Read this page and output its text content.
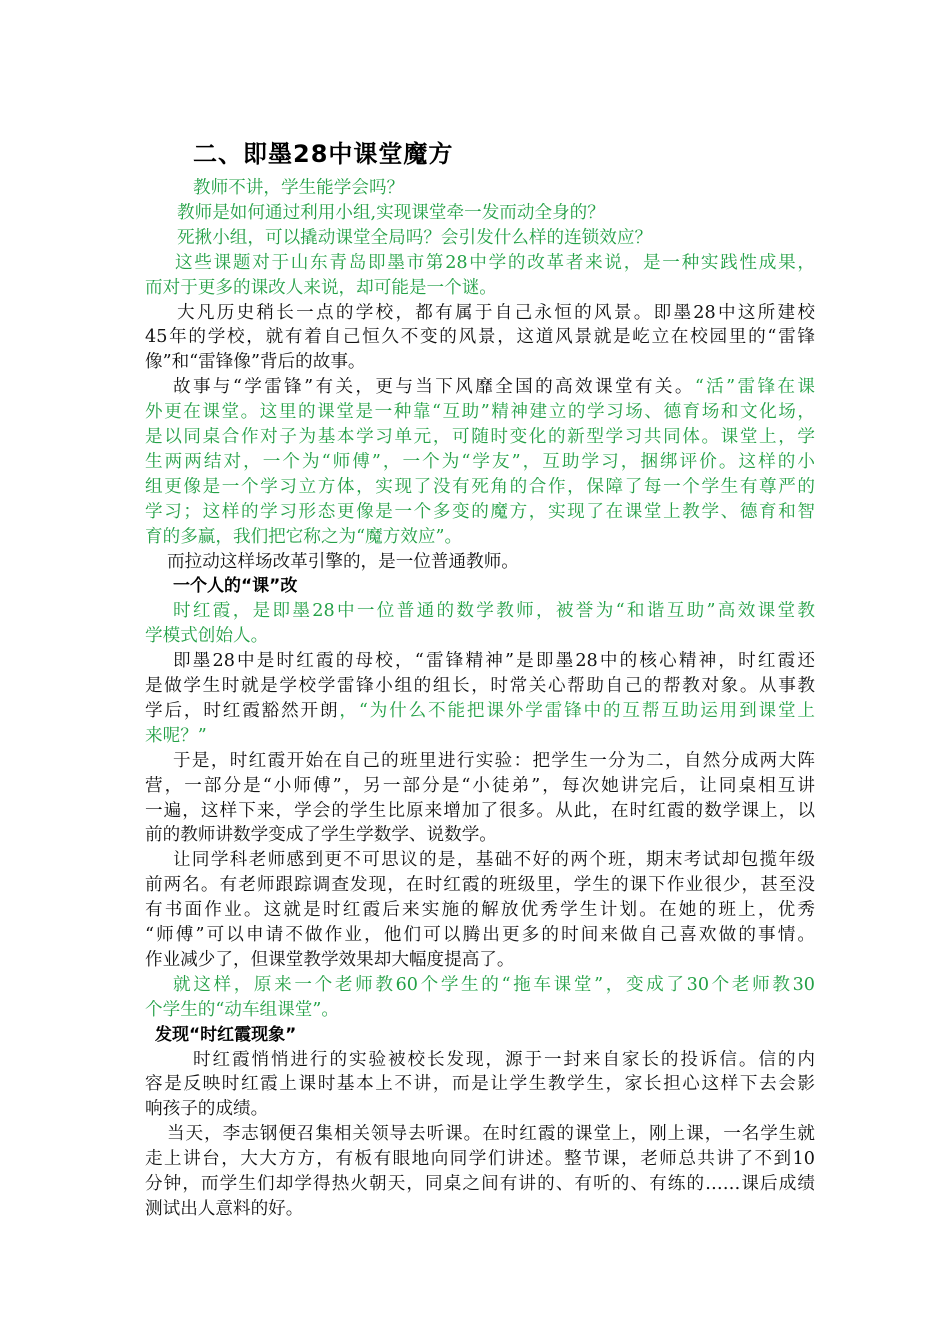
二、即墨28中课堂魔方
教师不讲，学生能学会吗？
教师是如何通过利用小组,实现课堂牵一发而动全身的？
死揪小组，可以撬动课堂全局吗？会引发什么样的连锁效应？
这些课题对于山东青岛即墨市第28中学的改革者来说，是一种实践性成果，
而对于更多的课改人来说，却可能是一个谜。
大凡历史稍长一点的学校，都有属于自己永恒的风景。即墨28中这所建校
45年的学校，就有着自己恒久不变的风景，这道风景就是屹立在校园里的“雷锋
像”和“雷锋像”背后的故事。
故事与“学雷锋”有关，更与当下风靡全国的高效课堂有关。“活”雷锋在课
外更在课堂。这里的课堂是一种靠“互助”精神建立的学习场、德育场和文化场，
是以同桌合作对子为基本学习单元，可随时变化的新型学习共同体。课堂上，学
生两两结对，一个为“师傅”，一个为“学友”，互助学习，捆绑评价。这样的小
组更像是一个学习立方体，实现了没有死角的合作，保障了每一个学生有尊严的
学习；这样的学习形态更像是一个多变的魔方，实现了在课堂上教学、德育和智
育的多赢，我们把它称之为“魔方效应”。
而拉动这样场改革引擎的，是一位普通教师。
一个人的“课”改
时红霞，是即墨28中一位普通的数学教师，被誉为“和谐互助”高效课堂教
学模式创始人。
即墨28中是时红霞的母校，“雷锋精神”是即墨28中的核心精神，时红霞还
是做学生时就是学校学雷锋小组的组长，时常关心帮助自己的帮教对象。从事教
学后，时红霞豁然开朗，“为什么不能把课外学雷锋中的互帮互助运用到课堂上
来呢？”
于是，时红霞开始在自己的班里进行实验：把学生一分为二，自然分成两大阵
营，一部分是“小师傅”，另一部分是“小徒弟”，每次她讲完后，让同桌相互讲
一遍，这样下来，学会的学生比原来增加了很多。从此，在时红霞的数学课上，以
前的教师讲数学变成了学生学数学、说数学。
让同学科老师感到更不可思议的是，基础不好的两个班，期末考试却包揽年级
前两名。有老师跟踪调查发现，在时红霞的班级里，学生的课下作业很少，甚至没
有书面作业。这就是时红霞后来实施的解放优秀学生计划。在她的班上，优秀
“师傅”可以申请不做作业，他们可以腾出更多的时间来做自己喜欢做的事情。
作业减少了，但课堂教学效果却大幅度提高了。
就这样，原来一个老师教60个学生的“拖车课堂”，变成了30个老师教30
个学生的“动车组课堂”。
发现“时红霞现象”
时红霞悄悄进行的实验被校长发现，源于一封来自家长的投诉信。信的内
容是反映时红霞上课时基本上不讲，而是让学生教学生，家长担心这样下去会影
响孩子的成绩。
当天，李志钢便召集相关领导去听课。在时红霞的课堂上，刚上课，一名学生就
走上讲台，大大方方，有板有眼地向同学们讲述。整节课，老师总共讲了不到10
分钟，而学生们却学得热火朝天，同桌之间有讲的、有听的、有练的……课后成绩
测试出人意料的好。
